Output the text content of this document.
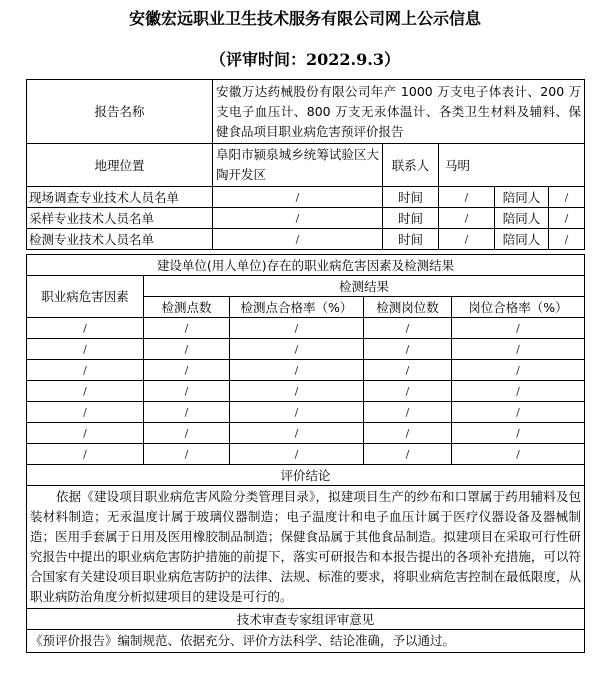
安徽宏远职业卫生技术服务有限公司网上公示信息
（评审时间：2022.9.3）
报告名称	安徽万达药械股份有限公司年产 1000 万支电子体表计、200 万支电子血压计、800 万支无汞体温计、各类卫生材料及辅料、保健食品项目职业病危害预评价报告				
地理位置	阜阳市颍泉城乡统筹试验区大陶开发区	联系人	马明		
现场调查专业技术人员名单	/	时间	/	陪同人	/
采样专业技术人员名单	/	时间	/	陪同人	/
检测专业技术人员名单	/	时间	/	陪同人	/
建设单位(用人单位)存在的职业病危害因素及检测结果				
职业病危害因素	检测结果			
	检测点数	检测点合格率（%）	检测岗位数	岗位合格率（%）
/	/	/	/	/
/	/	/	/	/
/	/	/	/	/
/	/	/	/	/
/	/	/	/	/
/	/	/	/	/
/	/	/	/	/
评价结论				
依据《建设项目职业病危害风险分类管理目录》，拟建项目生产的纱布和口罩属于药用辅料及包装材料制造；无汞温度计属于玻璃仪器制造；电子温度计和电子血压计属于医疗仪器设备及器械制造；医用手套属于日用及医用橡胶制品制造；保健食品属于其他食品制造。拟建项目在采取可行性研究报告中提出的职业病危害防护措施的前提下，落实可研报告和本报告提出的各项补充措施，可以符合国家有关建设项目职业病危害防护的法律、法规、标准的要求，将职业病危害控制在最低限度，从职业病防治角度分析拟建项目的建设是可行的。				
技术审查专家组评审意见				
《预评价报告》编制规范、依据充分、评价方法科学、结论准确，予以通过。				
